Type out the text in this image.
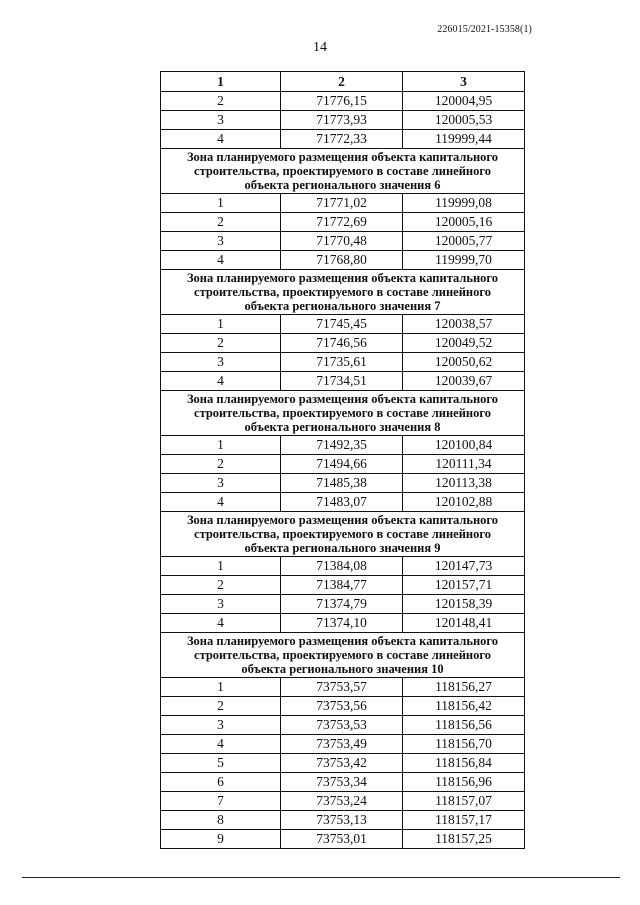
226015/2021-15358(1)
14
1	2	3
2	71776,15	120004,95
3	71773,93	120005,53
4	71772,33	119999,44

Зона планируемого размещения объекта капитального
строительства, проектируемого в составе линейного
объекта регионального значения 6		

1	71771,02	119999,08
2	71772,69	120005,16
3	71770,48	120005,77
4	71768,80	119999,70

Зона планируемого размещения объекта капитального
строительства, проектируемого в составе линейного
объекта регионального значения 7		

1	71745,45	120038,57
2	71746,56	120049,52
3	71735,61	120050,62
4	71734,51	120039,67

Зона планируемого размещения объекта капитального
строительства, проектируемого в составе линейного
объекта регионального значения 8		

1	71492,35	120100,84
2	71494,66	120111,34
3	71485,38	120113,38
4	71483,07	120102,88

Зона планируемого размещения объекта капитального
строительства, проектируемого в составе линейного
объекта регионального значения 9		

1	71384,08	120147,73
2	71384,77	120157,71
3	71374,79	120158,39
4	71374,10	120148,41

Зона планируемого размещения объекта капитального
строительства, проектируемого в составе линейного
объекта регионального значения 10		

1	73753,57	118156,27
2	73753,56	118156,42
3	73753,53	118156,56
4	73753,49	118156,70
5	73753,42	118156,84
6	73753,34	118156,96
7	73753,24	118157,07
8	73753,13	118157,17
9	73753,01	118157,25
